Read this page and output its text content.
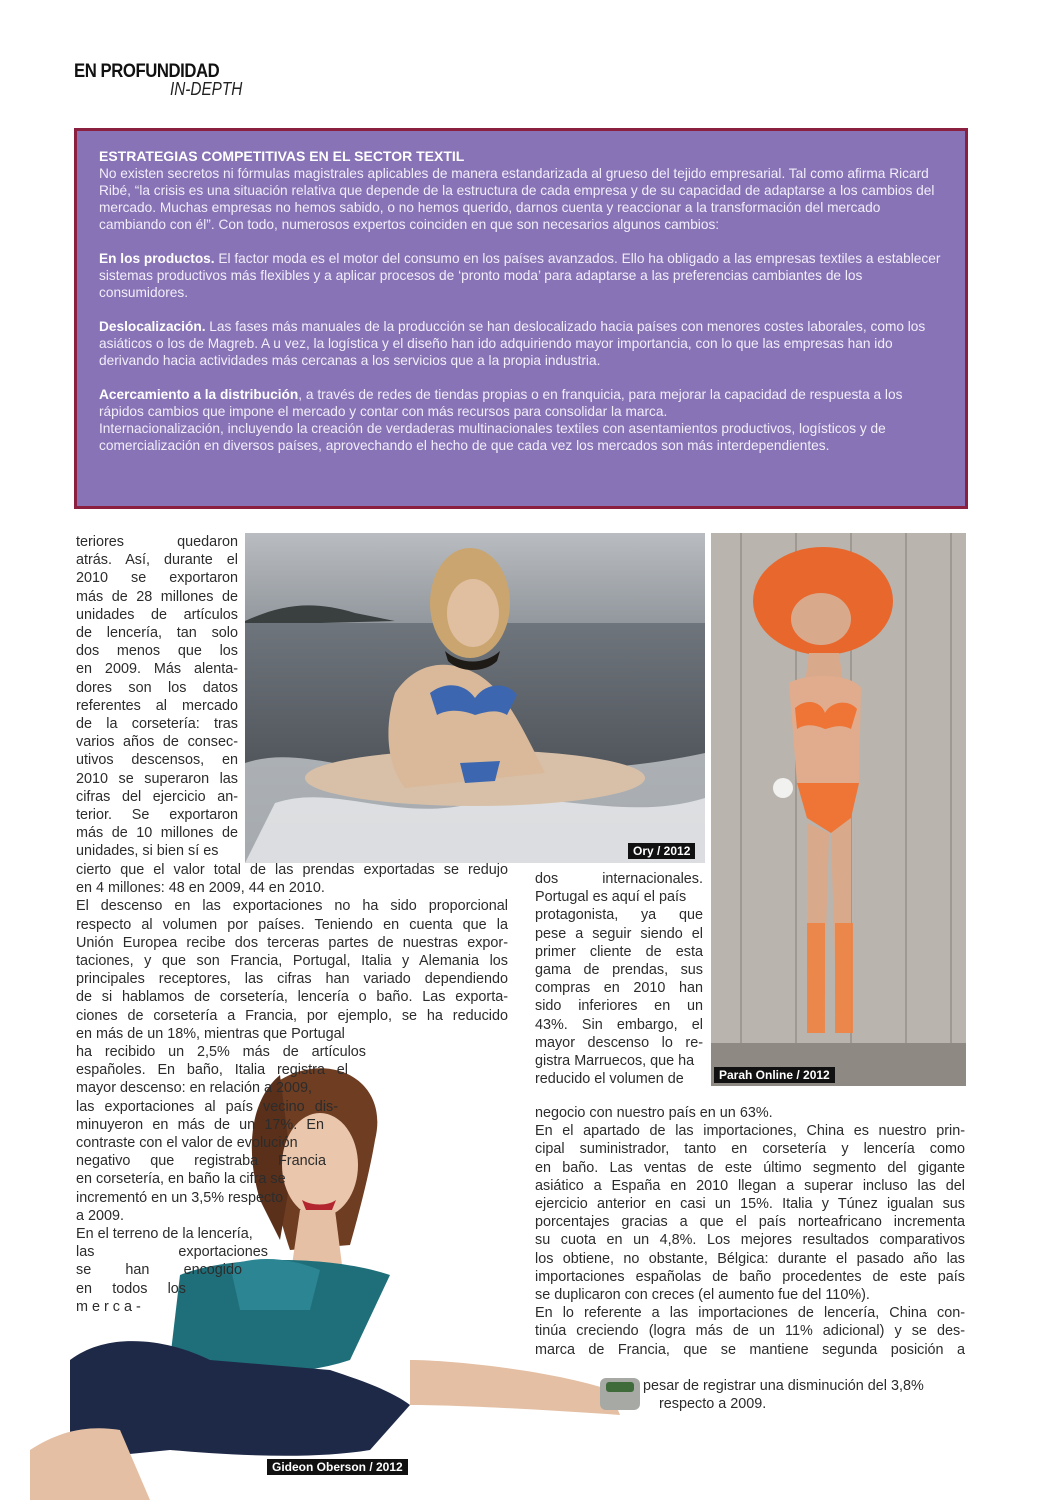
EN PROFUNDIDAD
IN-DEPTH

ESTRATEGIAS COMPETITIVAS EN EL SECTOR TEXTIL

No existen secretos ni fórmulas magistrales aplicables de manera estandarizada al grueso del tejido empresarial. Tal como afirma Ricard Ribé, “la crisis es una situación relativa que depende de la estructura de cada empresa y de su capacidad de adaptarse a los cambios del mercado. Muchas empresas no hemos sabido, o no hemos querido, darnos cuenta y reaccionar a la transformación del mercado cambiando con él”. Con todo, numerosos expertos coinciden en que son necesarios algunos cambios:

En los productos. El factor moda es el motor del consumo en los países avanzados. Ello ha obligado a las empresas textiles a establecer sistemas productivos más flexibles y a aplicar procesos de ‘pronto moda’ para adaptarse a las preferencias cambiantes de los consumidores.

Deslocalización. Las fases más manuales de la producción se han deslocalizado hacia países con menores costes laborales, como los asiáticos o los de Magreb. A u vez, la logística y el diseño han ido adquiriendo mayor importancia, con lo que las empresas han ido derivando hacia actividades más cercanas a los servicios que a la propia industria.

Acercamiento a la distribución, a través de redes de tiendas propias o en franquicia, para mejorar la capacidad de respuesta a los rápidos cambios que impone el mercado y contar con más recursos para consolidar la marca.

Internacionalización, incluyendo la creación de verdaderas multinacionales textiles con asentamientos productivos, logísticos y de comercialización en diversos países, aprovechando el hecho de que cada vez los mercados son más interdependientes.

Ory / 2012
Parah Online / 2012
Gideon Oberson / 2012
teriores quedaron
atrás. Así, durante el
2010 se exportaron
más de 28 millones de
unidades de artículos
de lencería, tan solo
dos menos que los
en 2009. Más alenta-
dores son los datos
referentes al mercado
de la corsetería: tras
varios años de consec-
utivos descensos, en
2010 se superaron las
cifras del ejercicio an-
terior. Se exportaron
más de 10 millones de
unidades, si bien sí es
cierto que el valor total de las prendas exportadas se redujo
en 4 millones: 48 en 2009, 44 en 2010.
El descenso en las exportaciones no ha sido proporcional
respecto al volumen por países. Teniendo en cuenta que la
Unión Europea recibe dos terceras partes de nuestras expor-
taciones, y que son Francia, Portugal, Italia y Alemania los
principales receptores, las cifras han variado dependiendo
de si hablamos de corsetería, lencería o baño. Las exporta-
ciones de corsetería a Francia, por ejemplo, se ha reducido
en más de un 18%, mientras que Portugal
ha recibido un 2,5% más de artículos
españoles. En baño, Italia registra el
mayor descenso: en relación a 2009,
las exportaciones al país vecino dis-
minuyeron en más de un 17%. En
contraste con el valor de evolución
negativo que registraba Francia
en corsetería, en baño la cifra se
incrementó en un 3,5% respecto
a 2009.
En el terreno de la lencería,
las exportaciones
se han encogido
en todos los
m e r c a -
dos internacionales.
Portugal es aquí el país
protagonista, ya que
pese a seguir siendo el
primer cliente de esta
gama de prendas, sus
compras en 2010 han
sido inferiores en un
43%. Sin embargo, el
mayor descenso lo re-
gistra Marruecos, que ha
reducido el volumen de
negocio con nuestro país en un 63%.
En el apartado de las importaciones, China es nuestro prin-
cipal suministrador, tanto en corsetería y lencería como
en baño. Las ventas de este último segmento del gigante
asiático a España en 2010 llegan a superar incluso las del
ejercicio anterior en casi un 15%. Italia y Túnez igualan sus
porcentajes gracias a que el país norteafricano incrementa
su cuota en un 4,8%. Los mejores resultados comparativos
los obtiene, no obstante, Bélgica: durante el pasado año las
importaciones españolas de baño procedentes de este país
se duplicaron con creces (el aumento fue del 110%).
En lo referente a las importaciones de lencería, China con-
tinúa creciendo (logra más de un 11% adicional) y se des-
marca de Francia, que se mantiene segunda posición a
pesar de registrar una disminución del 3,8%
respecto a 2009.
